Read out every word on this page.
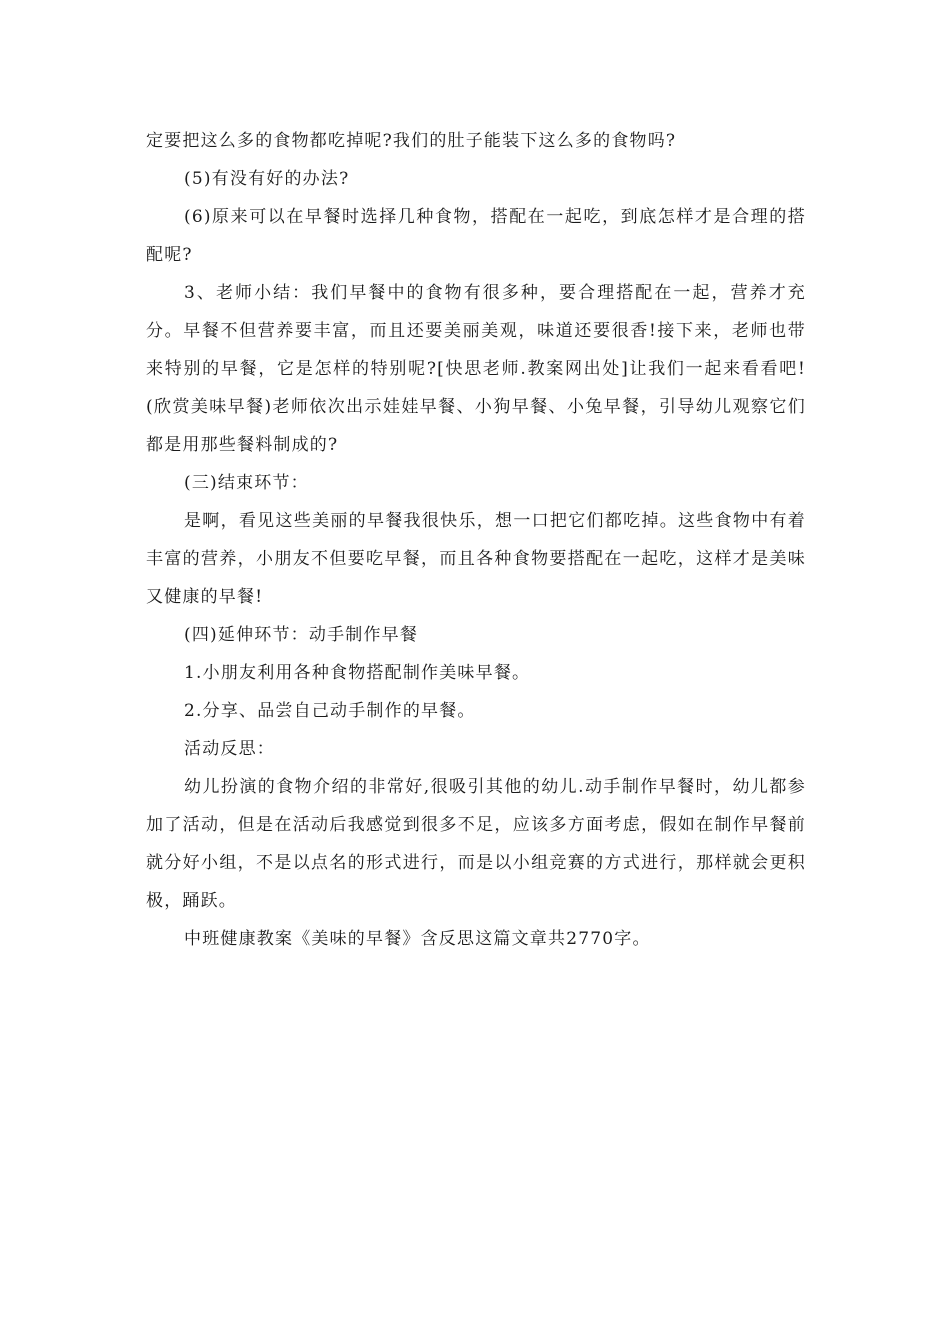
定要把这么多的食物都吃掉呢?我们的肚子能装下这么多的食物吗?

(5)有没有好的办法?

(6)原来可以在早餐时选择几种食物，搭配在一起吃，到底怎样才是合理的搭配呢?

3、老师小结：我们早餐中的食物有很多种，要合理搭配在一起，营养才充分。早餐不但营养要丰富，而且还要美丽美观，味道还要很香!接下来，老师也带来特别的早餐，它是怎样的特别呢?[快思老师.教案网出处]让我们一起来看看吧!(欣赏美味早餐)老师依次出示娃娃早餐、小狗早餐、小兔早餐，引导幼儿观察它们都是用那些餐料制成的?

(三)结束环节：

是啊，看见这些美丽的早餐我很快乐，想一口把它们都吃掉。这些食物中有着丰富的营养，小朋友不但要吃早餐，而且各种食物要搭配在一起吃，这样才是美味又健康的早餐!

(四)延伸环节：动手制作早餐

1.小朋友利用各种食物搭配制作美味早餐。

2.分享、品尝自己动手制作的早餐。

活动反思：

幼儿扮演的食物介绍的非常好,很吸引其他的幼儿.动手制作早餐时，幼儿都参加了活动，但是在活动后我感觉到很多不足，应该多方面考虑，假如在制作早餐前就分好小组，不是以点名的形式进行，而是以小组竞赛的方式进行，那样就会更积极，踊跃。

中班健康教案《美味的早餐》含反思这篇文章共2770字。
